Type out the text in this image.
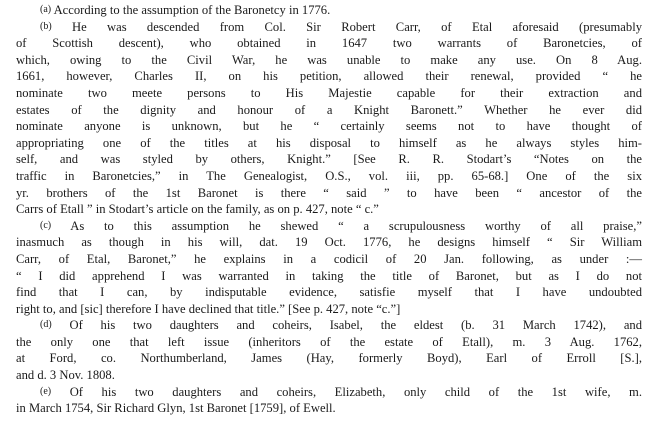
(a) According to the assumption of the Baronetcy in 1776.
(b) He was descended from Col. Sir Robert Carr, of Etal aforesaid (presumably
of Scottish descent), who obtained in 1647 two warrants of Baronetcies, of
which, owing to the Civil War, he was unable to make any use. On 8 Aug.
1661, however, Charles II, on his petition, allowed their renewal, provided “ he
nominate two meete persons to His Majestie capable for their extraction and
estates of the dignity and honour of a Knight Baronett.” Whether he ever did
nominate anyone is unknown, but he “ certainly seems not to have thought of
appropriating one of the titles at his disposal to himself as he always styles him-
self, and was styled by others, Knight.” [See R. R. Stodart’s “Notes on the
traffic in Baronetcies,” in The Genealogist, O.S., vol. iii, pp. 65-68.] One of the six
yr. brothers of the 1st Baronet is there “ said ” to have been “ ancestor of the
Carrs of Etall ” in Stodart’s article on the family, as on p. 427, note “ c.”
(c) As to this assumption he shewed “ a scrupulousness worthy of all praise,”
inasmuch as though in his will, dat. 19 Oct. 1776, he designs himself “ Sir William
Carr, of Etal, Baronet,” he explains in a codicil of 20 Jan. following, as under :—
“ I did apprehend I was warranted in taking the title of Baronet, but as I do not
find that I can, by indisputable evidence, satisfie myself that I have undoubted
right to, and [sic] therefore I have declined that title.” [See p. 427, note “c.”]
(d) Of his two daughters and coheirs, Isabel, the eldest (b. 31 March 1742), and
the only one that left issue (inheritors of the estate of Etall), m. 3 Aug. 1762,
at Ford, co. Northumberland, James (Hay, formerly Boyd), Earl of Erroll [S.],
and d. 3 Nov. 1808.
(e) Of his two daughters and coheirs, Elizabeth, only child of the 1st wife, m.
in March 1754, Sir Richard Glyn, 1st Baronet [1759], of Ewell.
